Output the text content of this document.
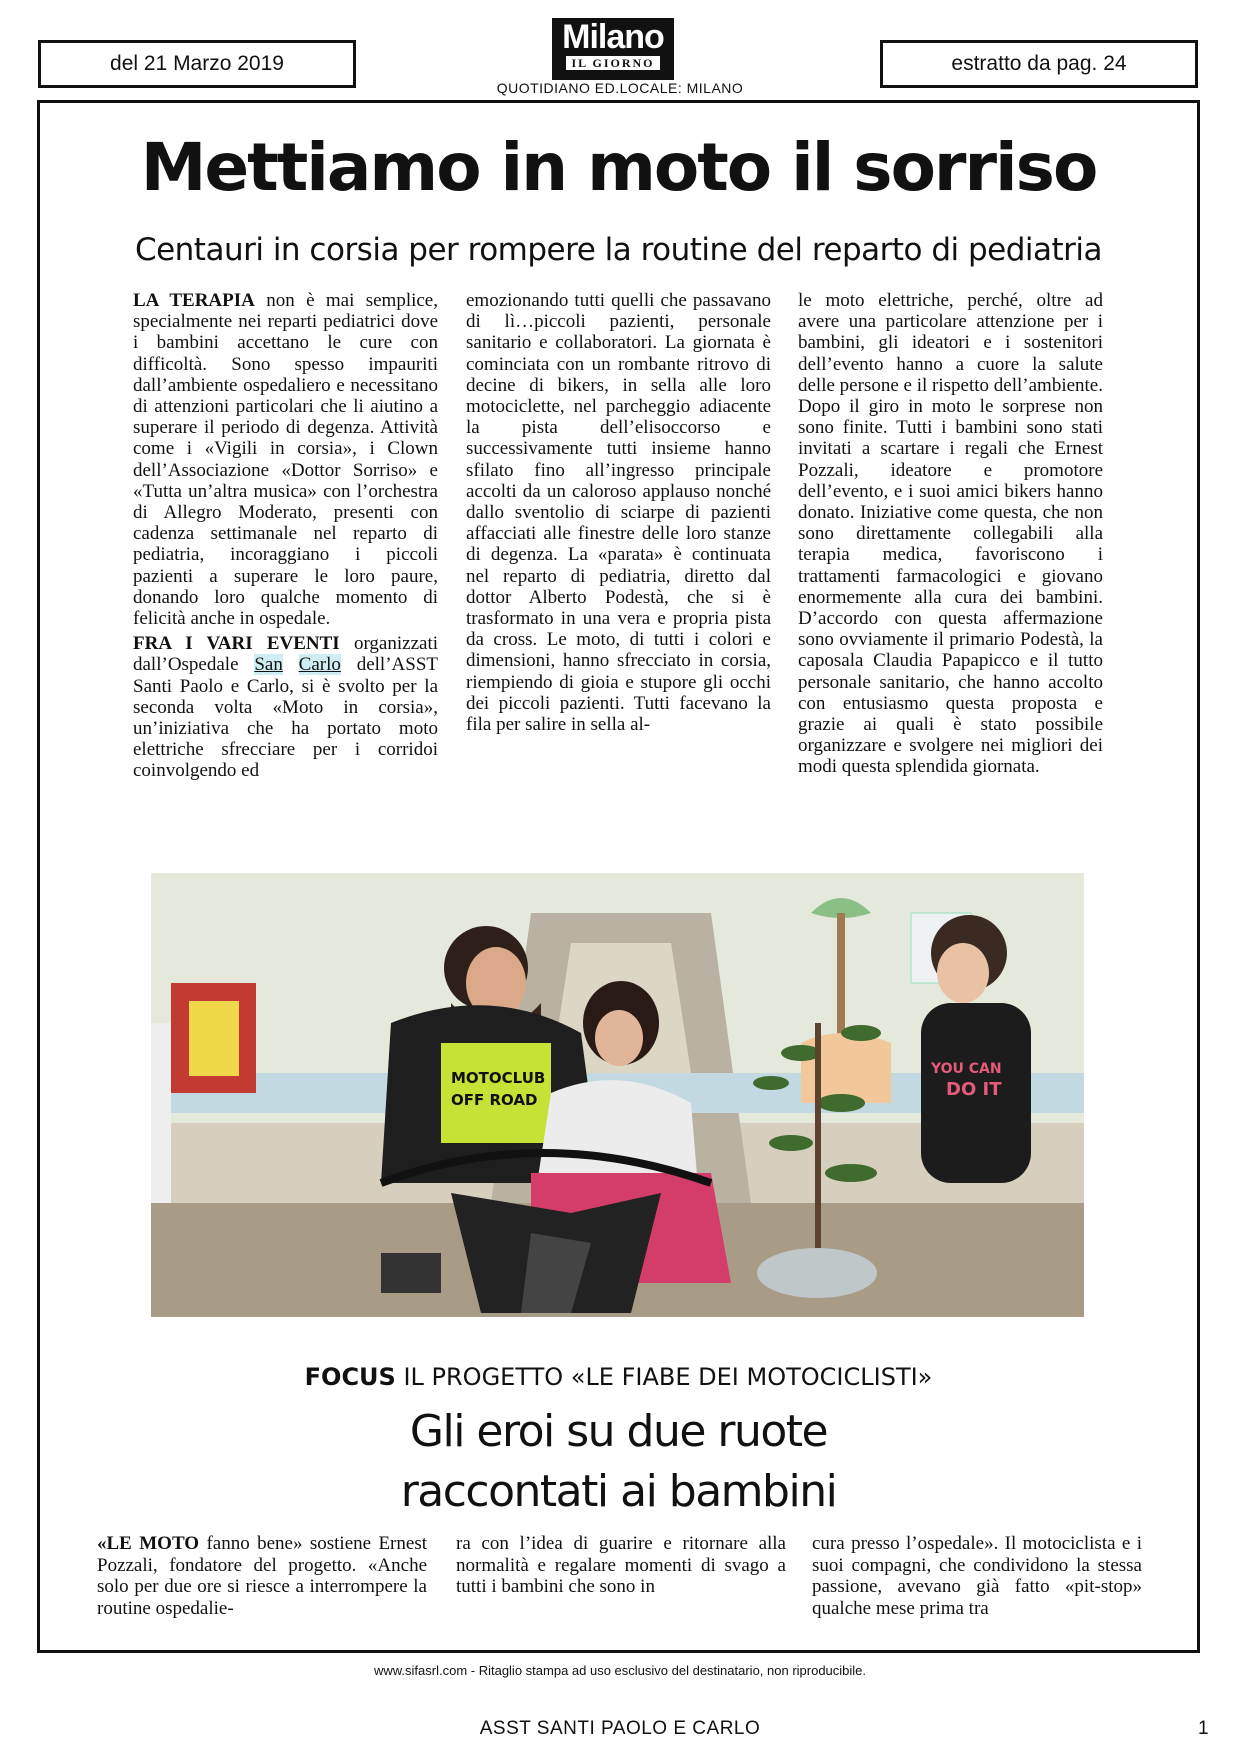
del 21 Marzo 2019
Milano
IL GIORNO
QUOTIDIANO ED.LOCALE: MILANO
estratto da pag. 24
Mettiamo in moto il sorriso
Centauri in corsia per rompere la routine del reparto di pediatria

LA TERAPIA non è mai semplice, specialmente nei reparti pediatrici dove i bambini accettano le cure con difficoltà. Sono spesso impauriti dall’ambiente ospedaliero e necessitano di attenzioni particolari che li aiutino a superare il periodo di degenza. Attività come i «Vigili in corsia», i Clown dell’Associazione «Dottor Sorriso» e «Tutta un’altra musica» con l’orchestra di Allegro Moderato, presenti con cadenza settimanale nel reparto di pediatria, incoraggiano i piccoli pazienti a superare le loro paure, donando loro qualche momento di felicità anche in ospedale.

FRA I VARI EVENTI organizzati dall’Ospedale San Carlo dell’ASST Santi Paolo e Carlo, si è svolto per la seconda volta «Moto in corsia», un’iniziativa che ha portato moto elettriche sfrecciare per i corridoi coinvolgendo ed

emozionando tutti quelli che passavano di lì…piccoli pazienti, personale sanitario e collaboratori. La giornata è cominciata con un rombante ritrovo di decine di bikers, in sella alle loro motociclette, nel parcheggio adiacente la pista dell’elisoccorso e successivamente tutti insieme hanno sfilato fino all’ingresso principale accolti da un caloroso applauso nonché dallo sventolio di sciarpe di pazienti affacciati alle finestre delle loro stanze di degenza. La «parata» è continuata nel reparto di pediatria, diretto dal dottor Alberto Podestà, che si è trasformato in una vera e propria pista da cross. Le moto, di tutti i colori e dimensioni, hanno sfrecciato in corsia, riempiendo di gioia e stupore gli occhi dei piccoli pazienti. Tutti facevano la fila per salire in sella al-

le moto elettriche, perché, oltre ad avere una particolare attenzione per i bambini, gli ideatori e i sostenitori dell’evento hanno a cuore la salute delle persone e il rispetto dell’ambiente. Dopo il giro in moto le sorprese non sono finite. Tutti i bambini sono stati invitati a scartare i regali che Ernest Pozzali, ideatore e promotore dell’evento, e i suoi amici bikers hanno donato. Iniziative come questa, che non sono direttamente collegabili alla terapia medica, favoriscono i trattamenti farmacologici e giovano enormemente alla cura dei bambini. D’accordo con questa affermazione sono ovviamente il primario Podestà, la caposala Claudia Papapicco e il tutto personale sanitario, che hanno accolto con entusiasmo questa proposta e grazie ai quali è stato possibile organizzare e svolgere nei migliori dei modi questa splendida giornata.

YOU CAN
DO IT
MOTOCLUB
OFF ROAD
FOCUS IL PROGETTO «LE FIABE DEI MOTOCICLISTI»
Gli eroi su due ruote
raccontati ai bambini
«LE MOTO fanno bene» sostiene Ernest Pozzali, fondatore del progetto. «Anche solo per due ore si riesce a interrompere la routine ospedalie-
ra con l’idea di guarire e ritornare alla normalità e regalare momenti di svago a tutti i bambini che sono in
cura presso l’ospedale». Il motociclista e i suoi compagni, che condividono la stessa passione, avevano già fatto «pit-stop» qualche mese prima tra
www.sifasrl.com - Ritaglio stampa ad uso esclusivo del destinatario, non riproducibile.
ASST SANTI PAOLO E CARLO	1
